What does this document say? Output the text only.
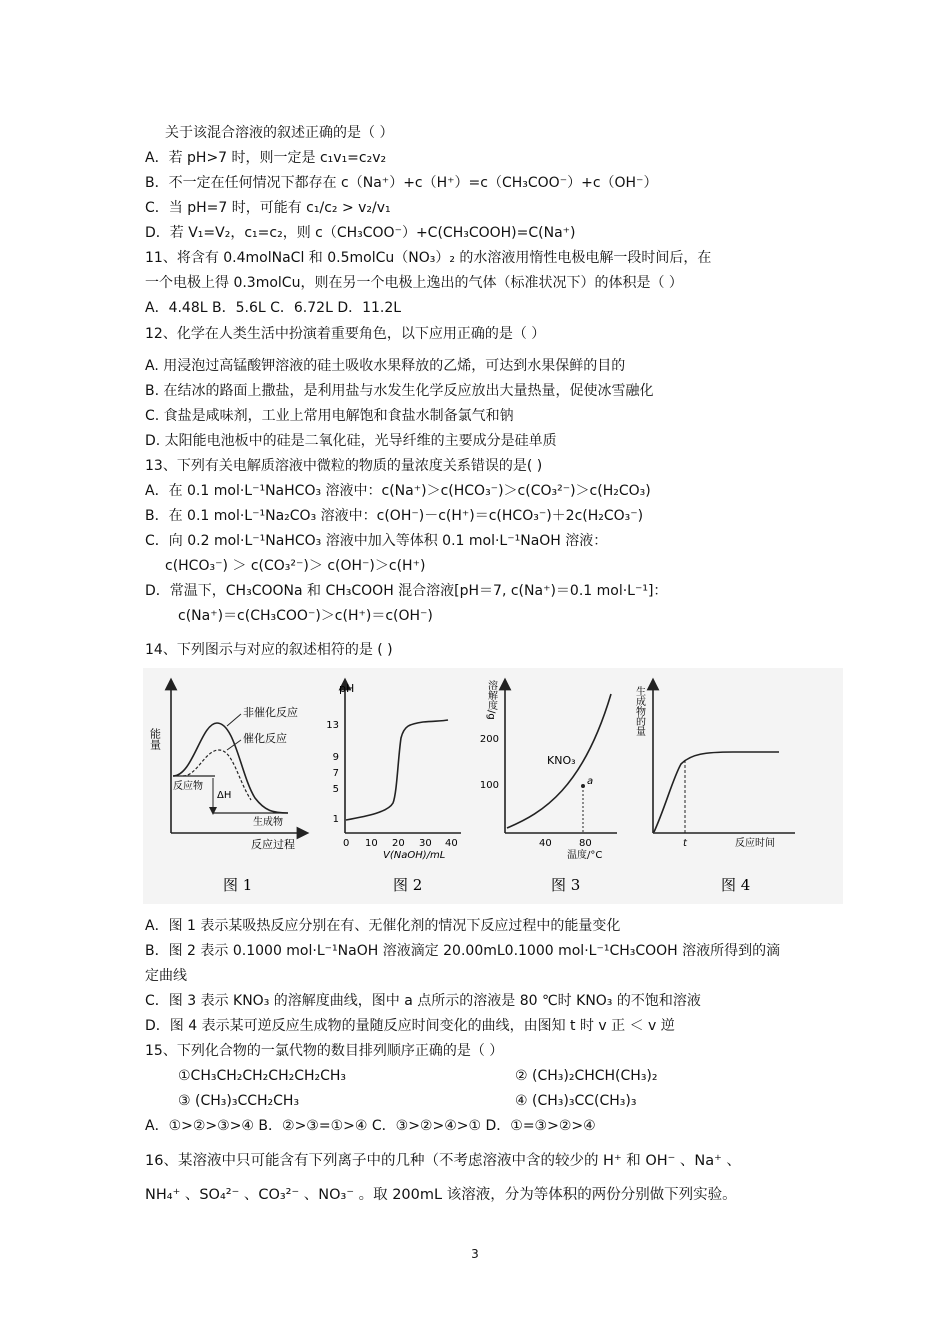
关于该混合溶液的叙述正确的是（ ）
A．若 pH>7 时，则一定是 c₁v₁=c₂v₂
B．不一定在任何情况下都存在 c（Na⁺）+c（H⁺）=c（CH₃COO⁻）+c（OH⁻）
C．当 pH=7 时，可能有 c₁/c₂ > v₂/v₁
D．若 V₁=V₂，c₁=c₂，则 c（CH₃COO⁻）+C(CH₃COOH)=C(Na⁺)
11、将含有 0.4molNaCl 和 0.5molCu（NO₃）₂ 的水溶液用惰性电极电解一段时间后，在
一个电极上得 0.3molCu，则在另一个电极上逸出的气体（标准状况下）的体积是（ ）
A．4.48L B．5.6L C．6.72L D．11.2L
12、化学在人类生活中扮演着重要角色，以下应用正确的是（ ）
A. 用浸泡过高锰酸钾溶液的硅土吸收水果释放的乙烯，可达到水果保鲜的目的
B. 在结冰的路面上撒盐，是利用盐与水发生化学反应放出大量热量，促使冰雪融化
C. 食盐是咸味剂，工业上常用电解饱和食盐水制备氯气和钠
D. 太阳能电池板中的硅是二氧化硅，光导纤维的主要成分是硅单质
13、下列有关电解质溶液中微粒的物质的量浓度关系错误的是( )
A．在 0.1 mol·L⁻¹NaHCO₃ 溶液中：c(Na⁺)＞c(HCO₃⁻)＞c(CO₃²⁻)＞c(H₂CO₃)
B．在 0.1 mol·L⁻¹Na₂CO₃ 溶液中：c(OH⁻)－c(H⁺)＝c(HCO₃⁻)＋2c(H₂CO₃⁻)
C．向 0.2 mol·L⁻¹NaHCO₃ 溶液中加入等体积 0.1 mol·L⁻¹NaOH 溶液：
c(HCO₃⁻) ＞ c(CO₃²⁻)＞ c(OH⁻)＞c(H⁺)
D．常温下，CH₃COONa 和 CH₃COOH 混合溶液[pH＝7, c(Na⁺)＝0.1 mol·L⁻¹]：
c(Na⁺)＝c(CH₃COO⁻)＞c(H⁺)＝c(OH⁻)
14、下列图示与对应的叙述相符的是 ( )
能量
反应过程
非催化反应
催化反应
反应物
ΔH
生成物
图 1
pH
1
5
7
9
13
0 10 20 30 40
V(NaOH)/mL
图 2
溶解度/g
200
100
40	80
温度/°C
KNO₃
a
图 3
生成物的量
t	反应时间
图 4
A．图 1 表示某吸热反应分别在有、无催化剂的情况下反应过程中的能量变化
B．图 2 表示 0.1000 mol·L⁻¹NaOH 溶液滴定 20.00mL0.1000 mol·L⁻¹CH₃COOH 溶液所得到的滴
定曲线
C．图 3 表示 KNO₃ 的溶解度曲线，图中 a 点所示的溶液是 80 ℃时 KNO₃ 的不饱和溶液
D．图 4 表示某可逆反应生成物的量随反应时间变化的曲线，由图知 t 时 v 正 ＜ v 逆
15、下列化合物的一氯代物的数目排列顺序正确的是（ ）
①CH₃CH₂CH₂CH₂CH₂CH₃	② (CH₃)₂CHCH(CH₃)₂
③ (CH₃)₃CCH₂CH₃	④ (CH₃)₃CC(CH₃)₃
A．①>②>③>④ B．②>③=①>④ C．③>②>④>① D．①=③>②>④
16、某溶液中只可能含有下列离子中的几种（不考虑溶液中含的较少的 H⁺ 和 OH⁻ 、Na⁺ 、
NH₄⁺ 、SO₄²⁻ 、CO₃²⁻ 、NO₃⁻ 。取 200mL 该溶液，分为等体积的两份分别做下列实验。
3
